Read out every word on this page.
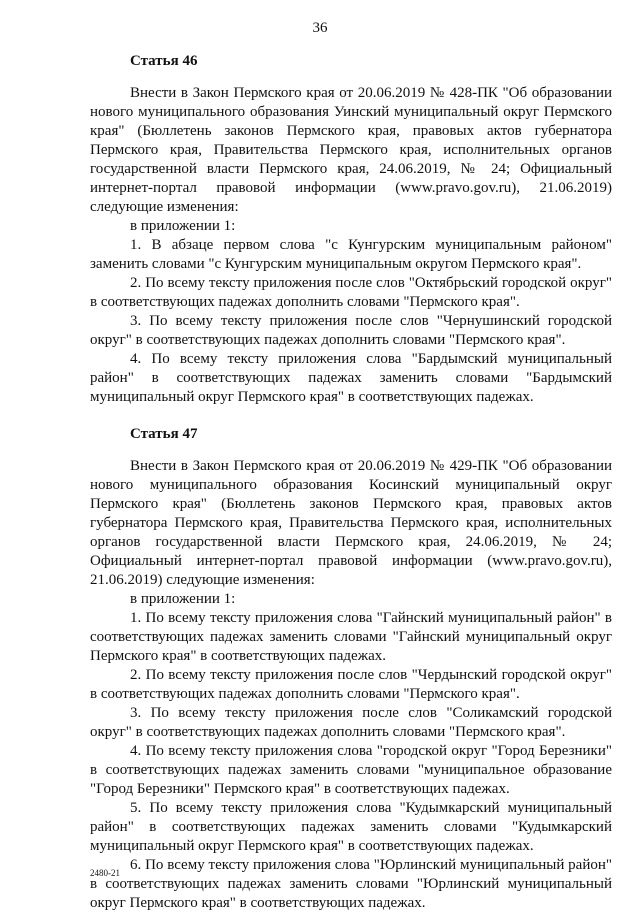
36
Статья 46

Внести в Закон Пермского края от 20.06.2019 № 428-ПК "Об образовании нового муниципального образования Уинский муниципальный округ Пермского края" (Бюллетень законов Пермского края, правовых актов губернатора Пермского края, Правительства Пермского края, исполнительных органов государственной власти Пермского края, 24.06.2019, № 24; Официальный интернет-портал правовой информации (www.pravo.gov.ru), 21.06.2019) следующие изменения:

в приложении 1:

1. В абзаце первом слова "с Кунгурским муниципальным районом" заменить словами "с Кунгурским муниципальным округом Пермского края".

2. По всему тексту приложения после слов "Октябрьский городской округ" в соответствующих падежах дополнить словами "Пермского края".

3. По всему тексту приложения после слов "Чернушинский городской округ" в соответствующих падежах дополнить словами "Пермского края".

4. По всему тексту приложения слова "Бардымский муниципальный район" в соответствующих падежах заменить словами "Бардымский муниципальный округ Пермского края" в соответствующих падежах.

Статья 47

Внести в Закон Пермского края от 20.06.2019 № 429-ПК "Об образовании нового муниципального образования Косинский муниципальный округ Пермского края" (Бюллетень законов Пермского края, правовых актов губернатора Пермского края, Правительства Пермского края, исполнительных органов государственной власти Пермского края, 24.06.2019, № 24; Официальный интернет-портал правовой информации (www.pravo.gov.ru), 21.06.2019) следующие изменения:

в приложении 1:

1. По всему тексту приложения слова "Гайнский муниципальный район" в соответствующих падежах заменить словами "Гайнский муниципальный округ Пермского края" в соответствующих падежах.

2. По всему тексту приложения после слов "Чердынский городской округ" в соответствующих падежах дополнить словами "Пермского края".

3. По всему тексту приложения после слов "Соликамский городской округ" в соответствующих падежах дополнить словами "Пермского края".

4. По всему тексту приложения слова "городской округ "Город Березники" в соответствующих падежах заменить словами "муниципальное образование "Город Березники" Пермского края" в соответствующих падежах.

5. По всему тексту приложения слова "Кудымкарский муниципальный район" в соответствующих падежах заменить словами "Кудымкарский муниципальный округ Пермского края" в соответствующих падежах.

6. По всему тексту приложения слова "Юрлинский муниципальный район" в соответствующих падежах заменить словами "Юрлинский муниципальный округ Пермского края" в соответствующих падежах.

2480-21
